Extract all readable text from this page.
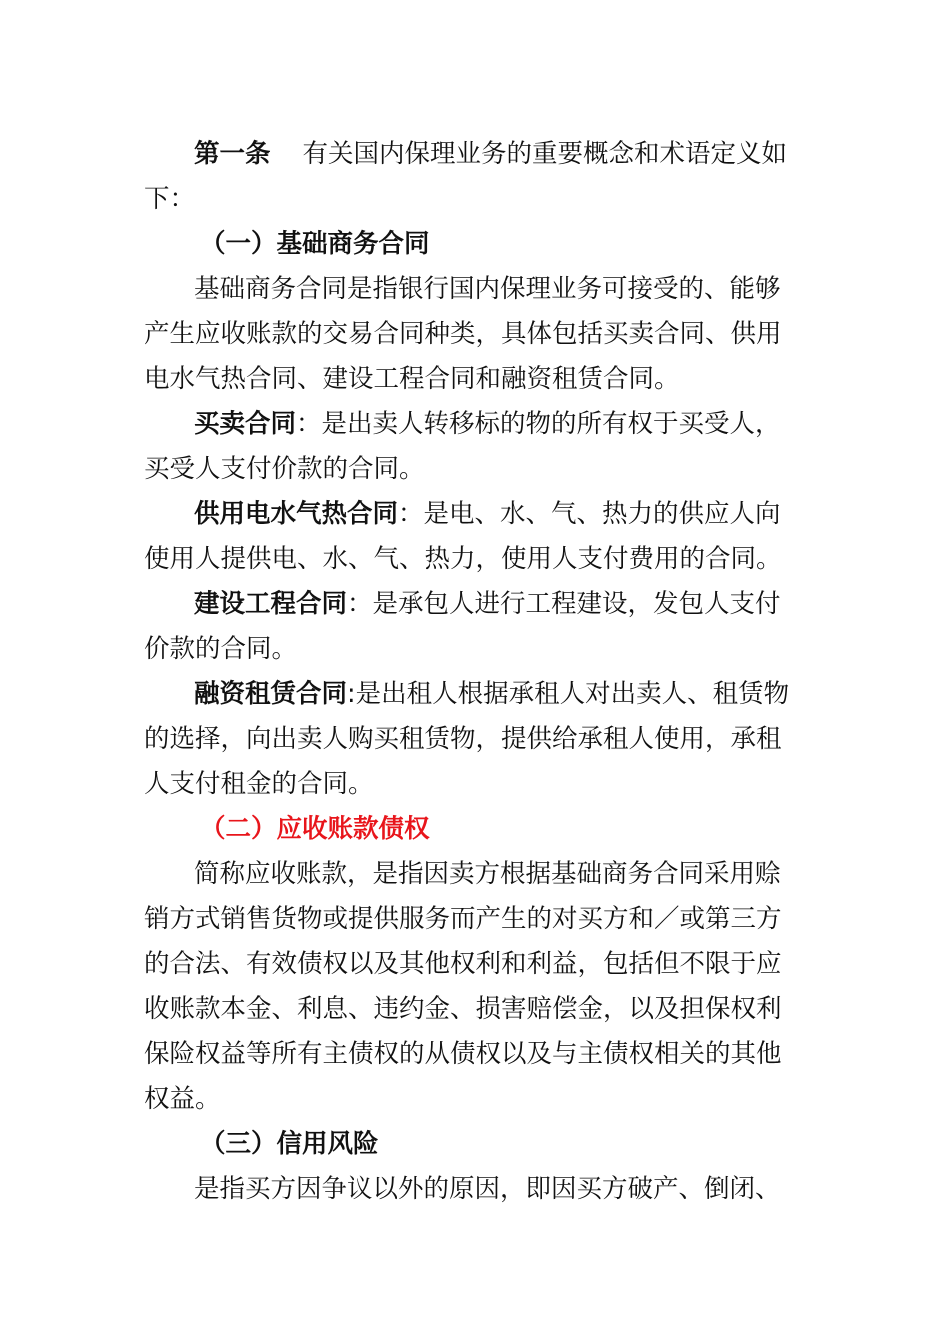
第一条 有关国内保理业务的重要概念和术语定义如
下：
（一）基础商务合同
基础商务合同是指银行国内保理业务可接受的、能够
产生应收账款的交易合同种类，具体包括买卖合同、供用
电水气热合同、建设工程合同和融资租赁合同。
买卖合同：是出卖人转移标的物的所有权于买受人，
买受人支付价款的合同。
供用电水气热合同：是电、水、气、热力的供应人向
使用人提供电、水、气、热力，使用人支付费用的合同。
建设工程合同：是承包人进行工程建设，发包人支付
价款的合同。
融资租赁合同:是出租人根据承租人对出卖人、租赁物
的选择，向出卖人购买租赁物，提供给承租人使用，承租
人支付租金的合同。
（二）应收账款债权
简称应收账款，是指因卖方根据基础商务合同采用赊
销方式销售货物或提供服务而产生的对买方和／或第三方
的合法、有效债权以及其他权利和利益，包括但不限于应
收账款本金、利息、违约金、损害赔偿金，以及担保权利
保险权益等所有主债权的从债权以及与主债权相关的其他
权益。
（三）信用风险
是指买方因争议以外的原因，即因买方破产、倒闭、
